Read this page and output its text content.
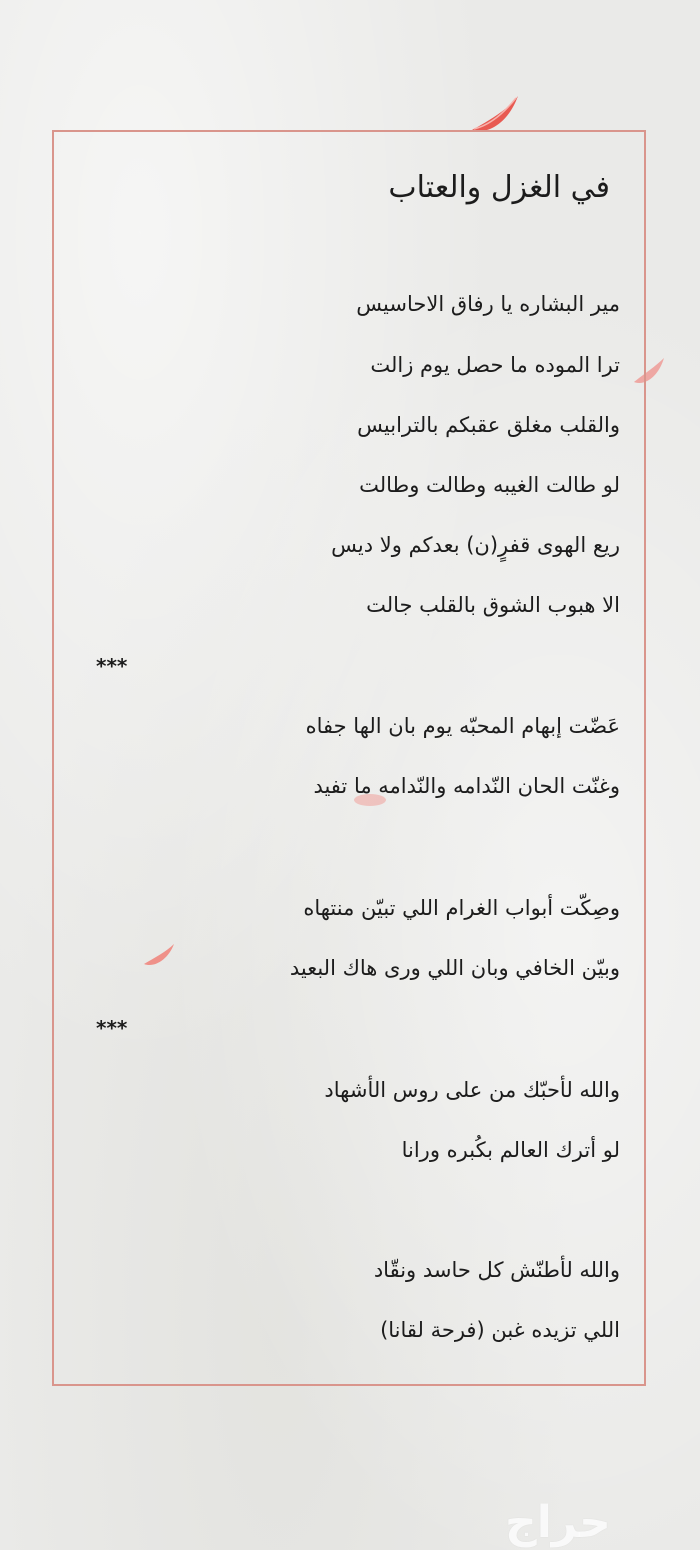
في الغزل والعتاب
مير البشاره يا رفاق الاحاسيس
ترا الموده ما حصل يوم زالت
والقلب مغلق عقبكم بالترابيس
لو طالت الغيبه وطالت وطالت
ريع الهوى قفرٍ(ن) بعدكم ولا ديس
الا هبوب الشوق بالقلب جالت
***
عَضّت إبهام المحبّه يوم بان الها جفاه
وغنّت الحان النّدامه والنّدامه ما تفيد
وصِكّت أبواب الغرام اللي تبيّن منتهاه
وبيّن الخافي وبان اللي ورى هاك البعيد
***
والله لأحبّك من على روس الأشهاد
لو أترك العالم بكُبره ورانا
والله لأطنّش كل حاسد ونقّاد
اللي تزيده غبن (فرحة لقانا)
حراج
